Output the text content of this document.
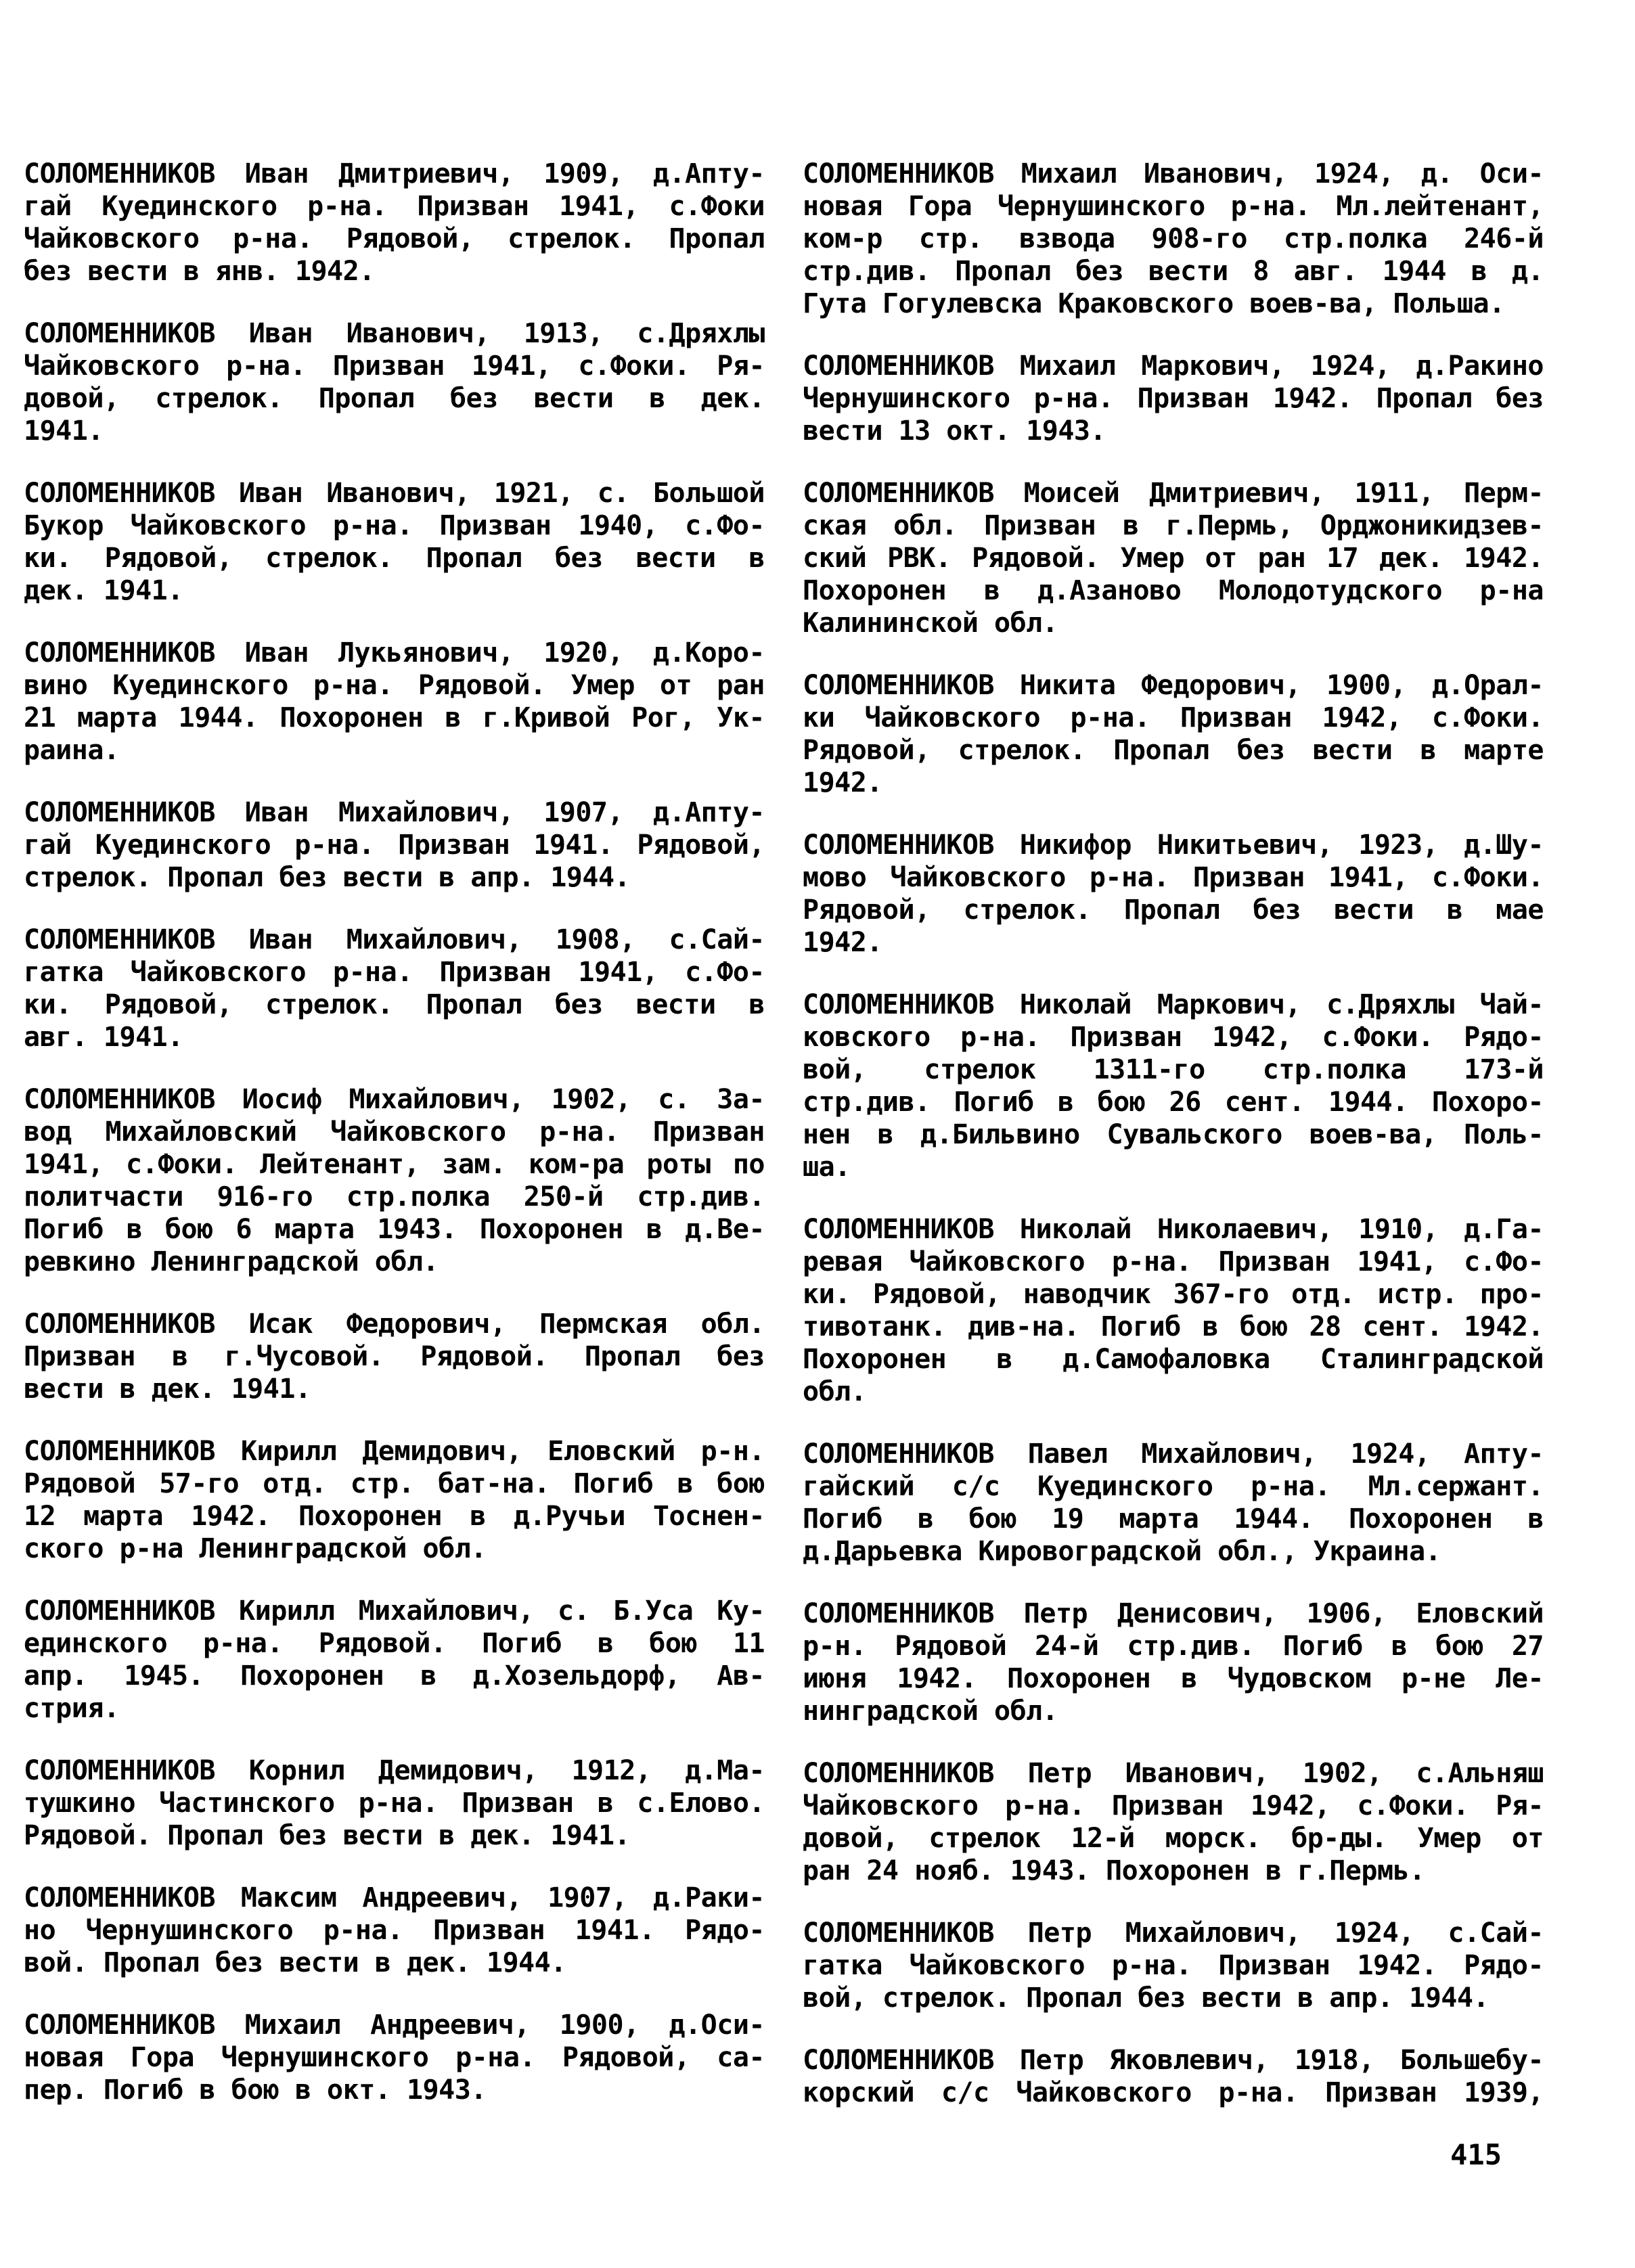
СОЛОМЕННИКОВ Иван Дмитриевич, 1909, д.Апту-
гай Куединского р-на. Призван 1941, с.Фоки
Чайковского р-на. Рядовой, стрелок. Пропал
без вести в янв. 1942.
СОЛОМЕННИКОВ Иван Иванович, 1913, с.Дряхлы
Чайковского р-на. Призван 1941, с.Фоки. Ря-
довой, стрелок. Пропал без вести в дек.
1941.
СОЛОМЕННИКОВ Иван Иванович, 1921, с. Большой
Букор Чайковского р-на. Призван 1940, с.Фо-
ки. Рядовой, стрелок. Пропал без вести в
дек. 1941.
СОЛОМЕННИКОВ Иван Лукьянович, 1920, д.Коро-
вино Куединского р-на. Рядовой. Умер от ран
21 марта 1944. Похоронен в г.Кривой Рог, Ук-
раина.
СОЛОМЕННИКОВ Иван Михайлович, 1907, д.Апту-
гай Куединского р-на. Призван 1941. Рядовой,
стрелок. Пропал без вести в апр. 1944.
СОЛОМЕННИКОВ Иван Михайлович, 1908, с.Сай-
гатка Чайковского р-на. Призван 1941, с.Фо-
ки. Рядовой, стрелок. Пропал без вести в
авг. 1941.
СОЛОМЕННИКОВ Иосиф Михайлович, 1902, с. За-
вод Михайловский Чайковского р-на. Призван
1941, с.Фоки. Лейтенант, зам. ком-ра роты по
политчасти 916-го стр.полка 250-й стр.див.
Погиб в бою 6 марта 1943. Похоронен в д.Ве-
ревкино Ленинградской обл.
СОЛОМЕННИКОВ Исак Федорович, Пермская обл.
Призван в г.Чусовой. Рядовой. Пропал без
вести в дек. 1941.
СОЛОМЕННИКОВ Кирилл Демидович, Еловский р-н.
Рядовой 57-го отд. стр. бат-на. Погиб в бою
12 марта 1942. Похоронен в д.Ручьи Тоснен-
ского р-на Ленинградской обл.
СОЛОМЕННИКОВ Кирилл Михайлович, с. Б.Уса Ку-
единского р-на. Рядовой. Погиб в бою 11
апр. 1945. Похоронен в д.Хозельдорф, Ав-
стрия.
СОЛОМЕННИКОВ Корнил Демидович, 1912, д.Ма-
тушкино Частинского р-на. Призван в с.Елово.
Рядовой. Пропал без вести в дек. 1941.
СОЛОМЕННИКОВ Максим Андреевич, 1907, д.Раки-
но Чернушинского р-на. Призван 1941. Рядо-
вой. Пропал без вести в дек. 1944.
СОЛОМЕННИКОВ Михаил Андреевич, 1900, д.Оси-
новая Гора Чернушинского р-на. Рядовой, са-
пер. Погиб в бою в окт. 1943.
СОЛОМЕННИКОВ Михаил Иванович, 1924, д. Оси-
новая Гора Чернушинского р-на. Мл.лейтенант,
ком-р стр. взвода 908-го стр.полка 246-й
стр.див. Пропал без вести 8 авг. 1944 в д.
Гута Гогулевска Краковского воев-ва, Польша.
СОЛОМЕННИКОВ Михаил Маркович, 1924, д.Ракино
Чернушинского р-на. Призван 1942. Пропал без
вести 13 окт. 1943.
СОЛОМЕННИКОВ Моисей Дмитриевич, 1911, Перм-
ская обл. Призван в г.Пермь, Орджоникидзев-
ский РВК. Рядовой. Умер от ран 17 дек. 1942.
Похоронен в д.Азаново Молодотудского р-на
Калининской обл.
СОЛОМЕННИКОВ Никита Федорович, 1900, д.Орал-
ки Чайковского р-на. Призван 1942, с.Фоки.
Рядовой, стрелок. Пропал без вести в марте
1942.
СОЛОМЕННИКОВ Никифор Никитьевич, 1923, д.Шу-
мово Чайковского р-на. Призван 1941, с.Фоки.
Рядовой, стрелок. Пропал без вести в мае
1942.
СОЛОМЕННИКОВ Николай Маркович, с.Дряхлы Чай-
ковского р-на. Призван 1942, с.Фоки. Рядо-
вой, стрелок 1311-го стр.полка 173-й
стр.див. Погиб в бою 26 сент. 1944. Похоро-
нен в д.Бильвино Сувальского воев-ва, Поль-
ша.
СОЛОМЕННИКОВ Николай Николаевич, 1910, д.Га-
ревая Чайковского р-на. Призван 1941, с.Фо-
ки. Рядовой, наводчик 367-го отд. истр. про-
тивотанк. див-на. Погиб в бою 28 сент. 1942.
Похоронен в д.Самофаловка Сталинградской
обл.
СОЛОМЕННИКОВ Павел Михайлович, 1924, Апту-
гайский с/с Куединского р-на. Мл.сержант.
Погиб в бою 19 марта 1944. Похоронен в
д.Дарьевка Кировоградской обл., Украина.
СОЛОМЕННИКОВ Петр Денисович, 1906, Еловский
р-н. Рядовой 24-й стр.див. Погиб в бою 27
июня 1942. Похоронен в Чудовском р-не Ле-
нинградской обл.
СОЛОМЕННИКОВ Петр Иванович, 1902, с.Альняш
Чайковского р-на. Призван 1942, с.Фоки. Ря-
довой, стрелок 12-й морск. бр-ды. Умер от
ран 24 нояб. 1943. Похоронен в г.Пермь.
СОЛОМЕННИКОВ Петр Михайлович, 1924, с.Сай-
гатка Чайковского р-на. Призван 1942. Рядо-
вой, стрелок. Пропал без вести в апр. 1944.
СОЛОМЕННИКОВ Петр Яковлевич, 1918, Большебу-
корский с/с Чайковского р-на. Призван 1939,
415
